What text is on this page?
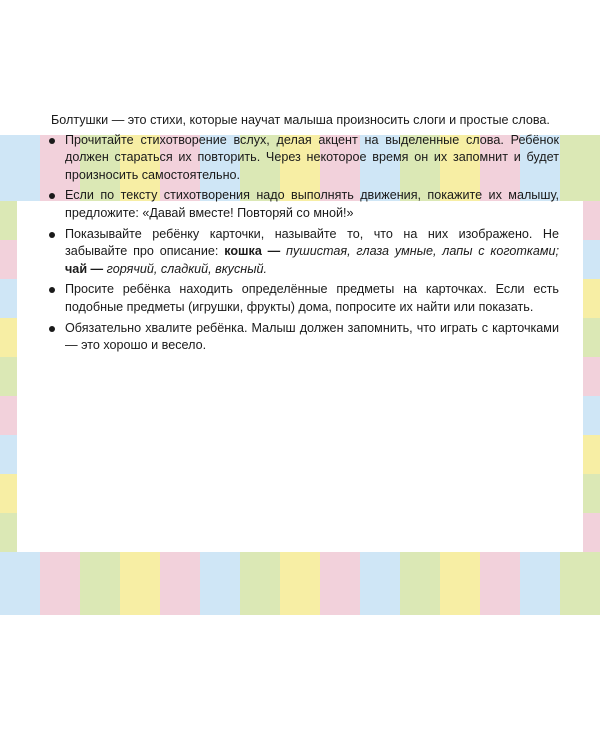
Болтушки — это стихи, которые научат малыша произносить слоги и простые слова.

Прочитайте стихотворение вслух, делая акцент на выделенные слова. Ребёнок должен стараться их повторить. Через некоторое время он их запомнит и будет произносить самостоятельно.
Если по тексту стихотворения надо выполнять движения, покажите их малышу, предложите: «Давай вместе! Повторяй со мной!»
Показывайте ребёнку карточки, называйте то, что на них изображено. Не забывайте про описание: кошка — пушистая, глаза умные, лапы с коготками; чай — горячий, сладкий, вкусный.
Просите ребёнка находить определённые предметы на карточках. Если есть подобные предметы (игрушки, фрукты) дома, попросите их найти или показать.
Обязательно хвалите ребёнка. Малыш должен запомнить, что играть с карточками — это хорошо и весело.
